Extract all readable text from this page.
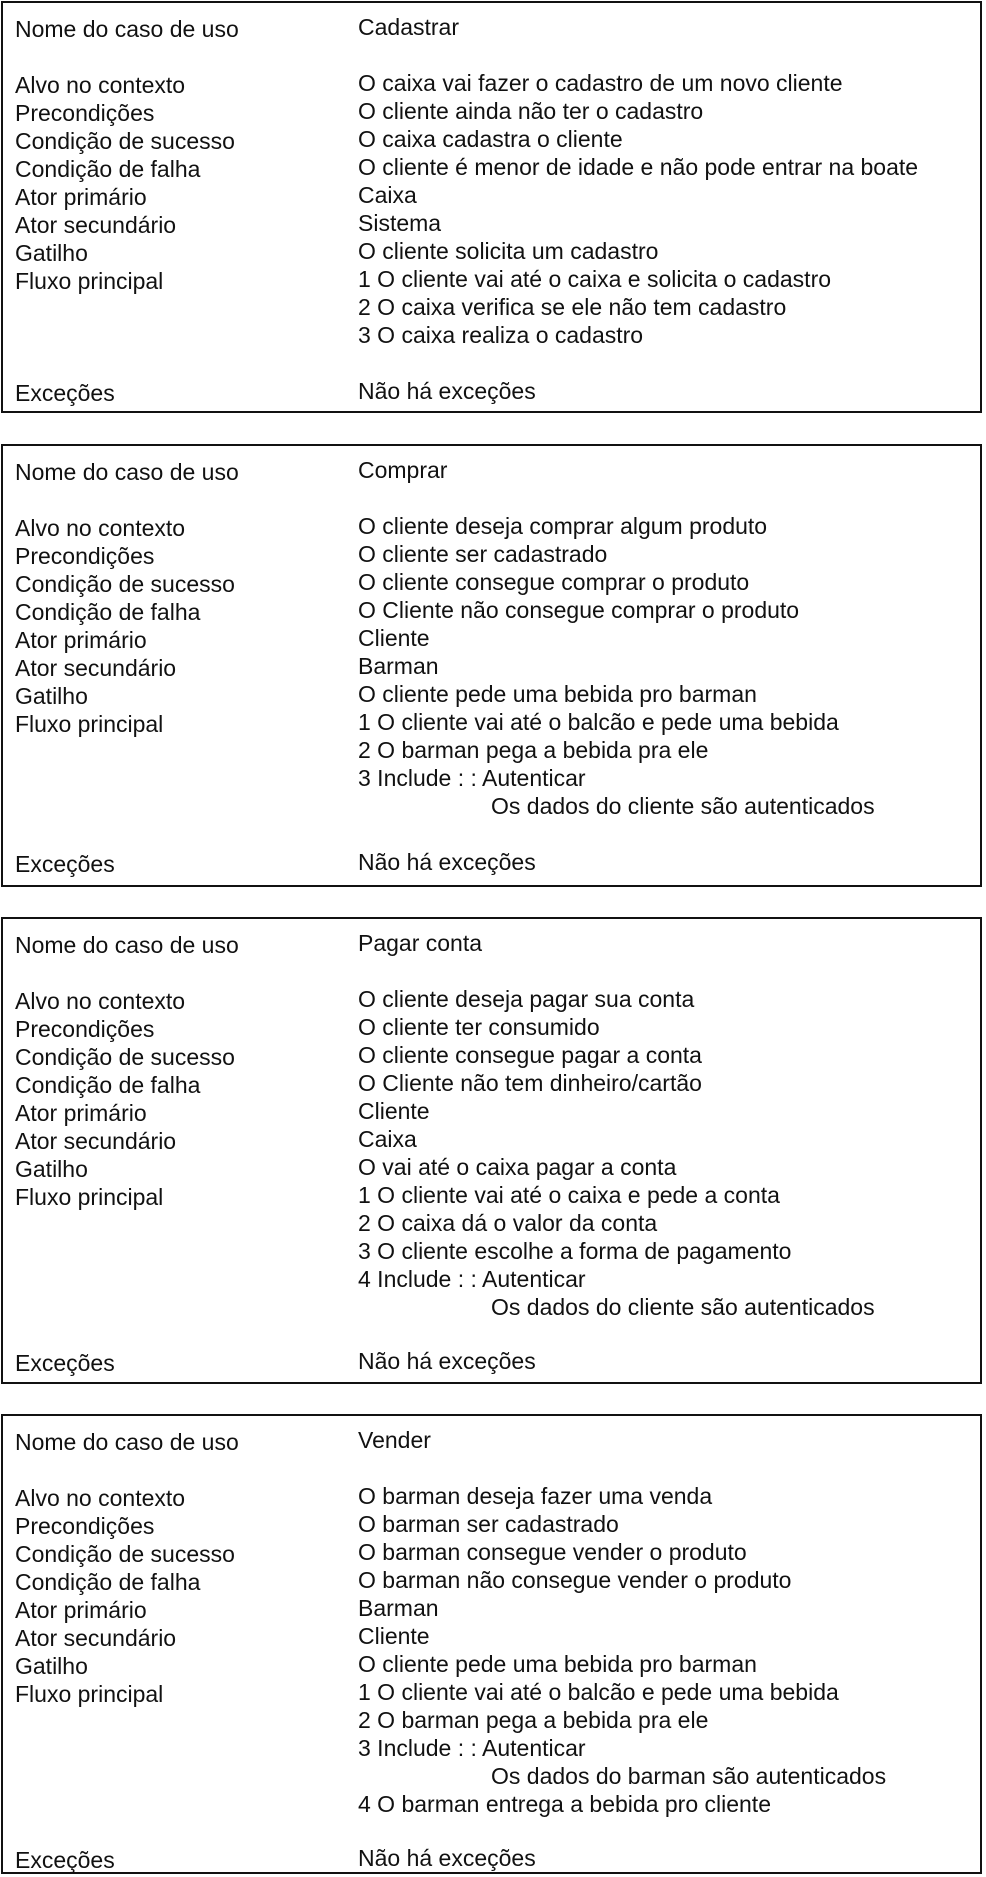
Nome do caso de uso	Cadastrar
Alvo no contexto	O caixa vai fazer o cadastro de um novo cliente
Precondições	O cliente ainda não ter o cadastro
Condição de sucesso	O caixa cadastra o cliente
Condição de falha	O cliente é menor de idade e não pode entrar na boate
Ator primário	Caixa
Ator secundário	Sistema
Gatilho	O cliente solicita um cadastro
Fluxo principal	1 O cliente vai até o caixa e solicita o cadastro
2 O caixa verifica se ele não tem cadastro
3 O caixa realiza o cadastro
Exceções	Não há exceções
Nome do caso de uso	Comprar
Alvo no contexto	O cliente deseja comprar algum produto
Precondições	O cliente ser cadastrado
Condição de sucesso	O cliente consegue comprar o produto
Condição de falha	O Cliente não consegue comprar o produto
Ator primário	Cliente
Ator secundário	Barman
Gatilho	O cliente pede uma bebida pro barman
Fluxo principal	1 O cliente vai até o balcão e pede uma bebida
2 O barman pega a bebida pra ele
3 Include : : Autenticar
Os dados do cliente são autenticados
Exceções	Não há exceções
Nome do caso de uso	Pagar conta
Alvo no contexto	O cliente deseja pagar sua conta
Precondições	O cliente ter consumido
Condição de sucesso	O cliente consegue pagar a conta
Condição de falha	O Cliente não tem dinheiro/cartão
Ator primário	Cliente
Ator secundário	Caixa
Gatilho	O vai até o caixa pagar a conta
Fluxo principal	1 O cliente vai até o caixa e pede a conta
2 O caixa dá o valor da conta
3 O cliente escolhe a forma de pagamento
4 Include : : Autenticar
Os dados do cliente são autenticados
Exceções	Não há exceções
Nome do caso de uso	Vender
Alvo no contexto	O barman deseja fazer uma venda
Precondições	O barman ser cadastrado
Condição de sucesso	O barman consegue vender o produto
Condição de falha	O barman não consegue vender o produto
Ator primário	Barman
Ator secundário	Cliente
Gatilho	O cliente pede uma bebida pro barman
Fluxo principal	1 O cliente vai até o balcão e pede uma bebida
2 O barman pega a bebida pra ele
3 Include : : Autenticar
Os dados do barman são autenticados
4 O barman entrega a bebida pro cliente
Exceções	Não há exceções
